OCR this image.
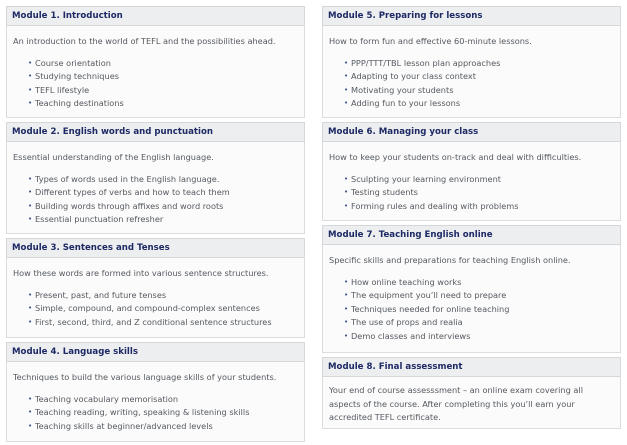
Module 1. Introduction

An introduction to the world of TEFL and the possibilities ahead.

• Course orientation
• Studying techniques
• TEFL lifestyle
• Teaching destinations
Module 2. English words and punctuation

Essential understanding of the English language.

• Types of words used in the English language.
• Different types of verbs and how to teach them
• Building words through affixes and word roots
• Essential punctuation refresher
Module 3. Sentences and Tenses

How these words are formed into various sentence structures.

• Present, past, and future tenses
• Simple, compound, and compound-complex sentences
• First, second, third, and Z conditional sentence structures
Module 4. Language skills

Techniques to build the various language skills of your students.

• Teaching vocabulary memorisation
• Teaching reading, writing, speaking & listening skills
• Teaching skills at beginner/advanced levels
Module 5. Preparing for lessons

How to form fun and effective 60-minute lessons.

• PPP/TTT/TBL lesson plan approaches
• Adapting to your class context
• Motivating your students
• Adding fun to your lessons
Module 6. Managing your class

How to keep your students on-track and deal with difficulties.

• Sculpting your learning environment
• Testing students
• Forming rules and dealing with problems
Module 7. Teaching English online

Specific skills and preparations for teaching English online.

• How online teaching works
• The equipment you’ll need to prepare
• Techniques needed for online teaching
• The use of props and realia
• Demo classes and interviews
Module 8. Final assessment

Your end of course assesssment – an online exam covering all aspects of the course. After completing this you’ll earn your accredited TEFL certificate.
